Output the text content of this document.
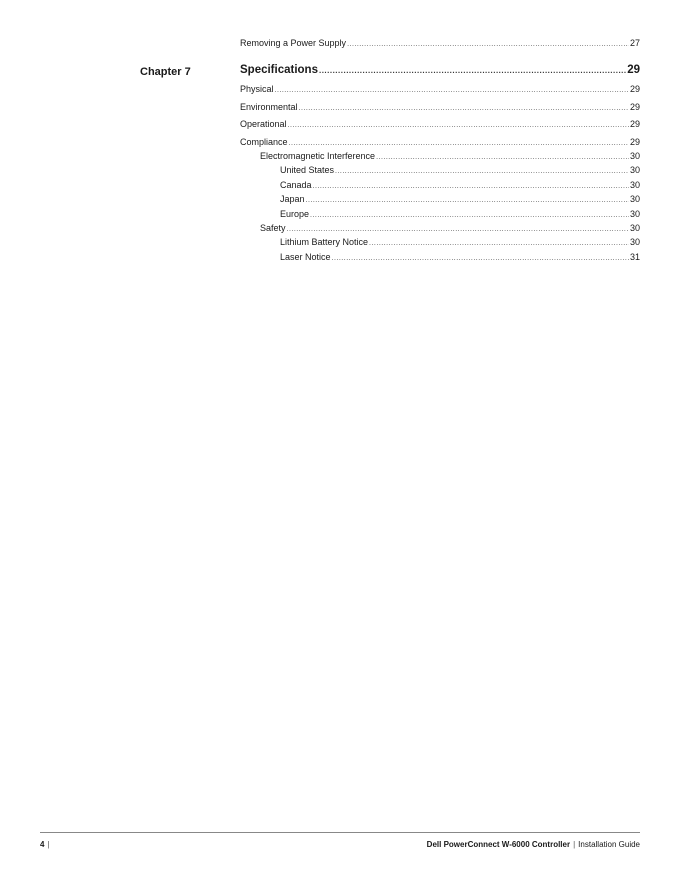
Chapter 7
Removing a Power Supply .....	27
Specifications .....	29
Physical .....	29
Environmental .....	29
Operational .....	29
Compliance .....	29
Electromagnetic Interference .....	30
United States .....	30
Canada .....	30
Japan .....	30
Europe .....	30
Safety .....	30
Lithium Battery Notice .....	30
Laser Notice .....	31
4 |	Dell PowerConnect W-6000 Controller | Installation Guide
